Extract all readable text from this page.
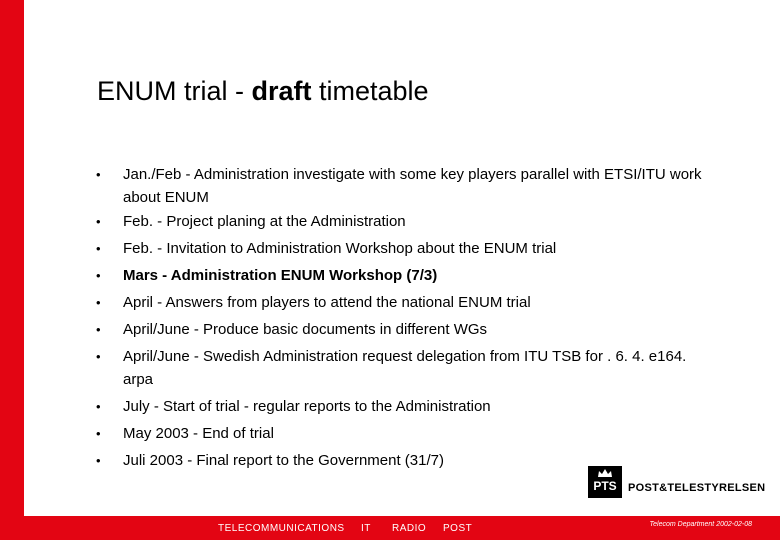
ENUM trial - draft timetable
• Jan./Feb - Administration investigate with some key players parallel with ETSI/ITU work about ENUM
• Feb. - Project planing at the Administration
• Feb. - Invitation to Administration Workshop about the ENUM trial
• Mars - Administration ENUM Workshop (7/3)
• April - Answers from players to attend the national ENUM trial
• April/June - Produce basic documents in different WGs
• April/June - Swedish Administration request delegation from ITU TSB for . 6. 4. e164. arpa
• July - Start of trial - regular reports to the Administration
• May 2003 - End of trial
• Juli 2003 - Final report to the Government (31/7)
PTS	POST&TELESTYRELSEN
TELECOMMUNICATIONS IT RADIO POST	Telecom Department 2002-02-08
